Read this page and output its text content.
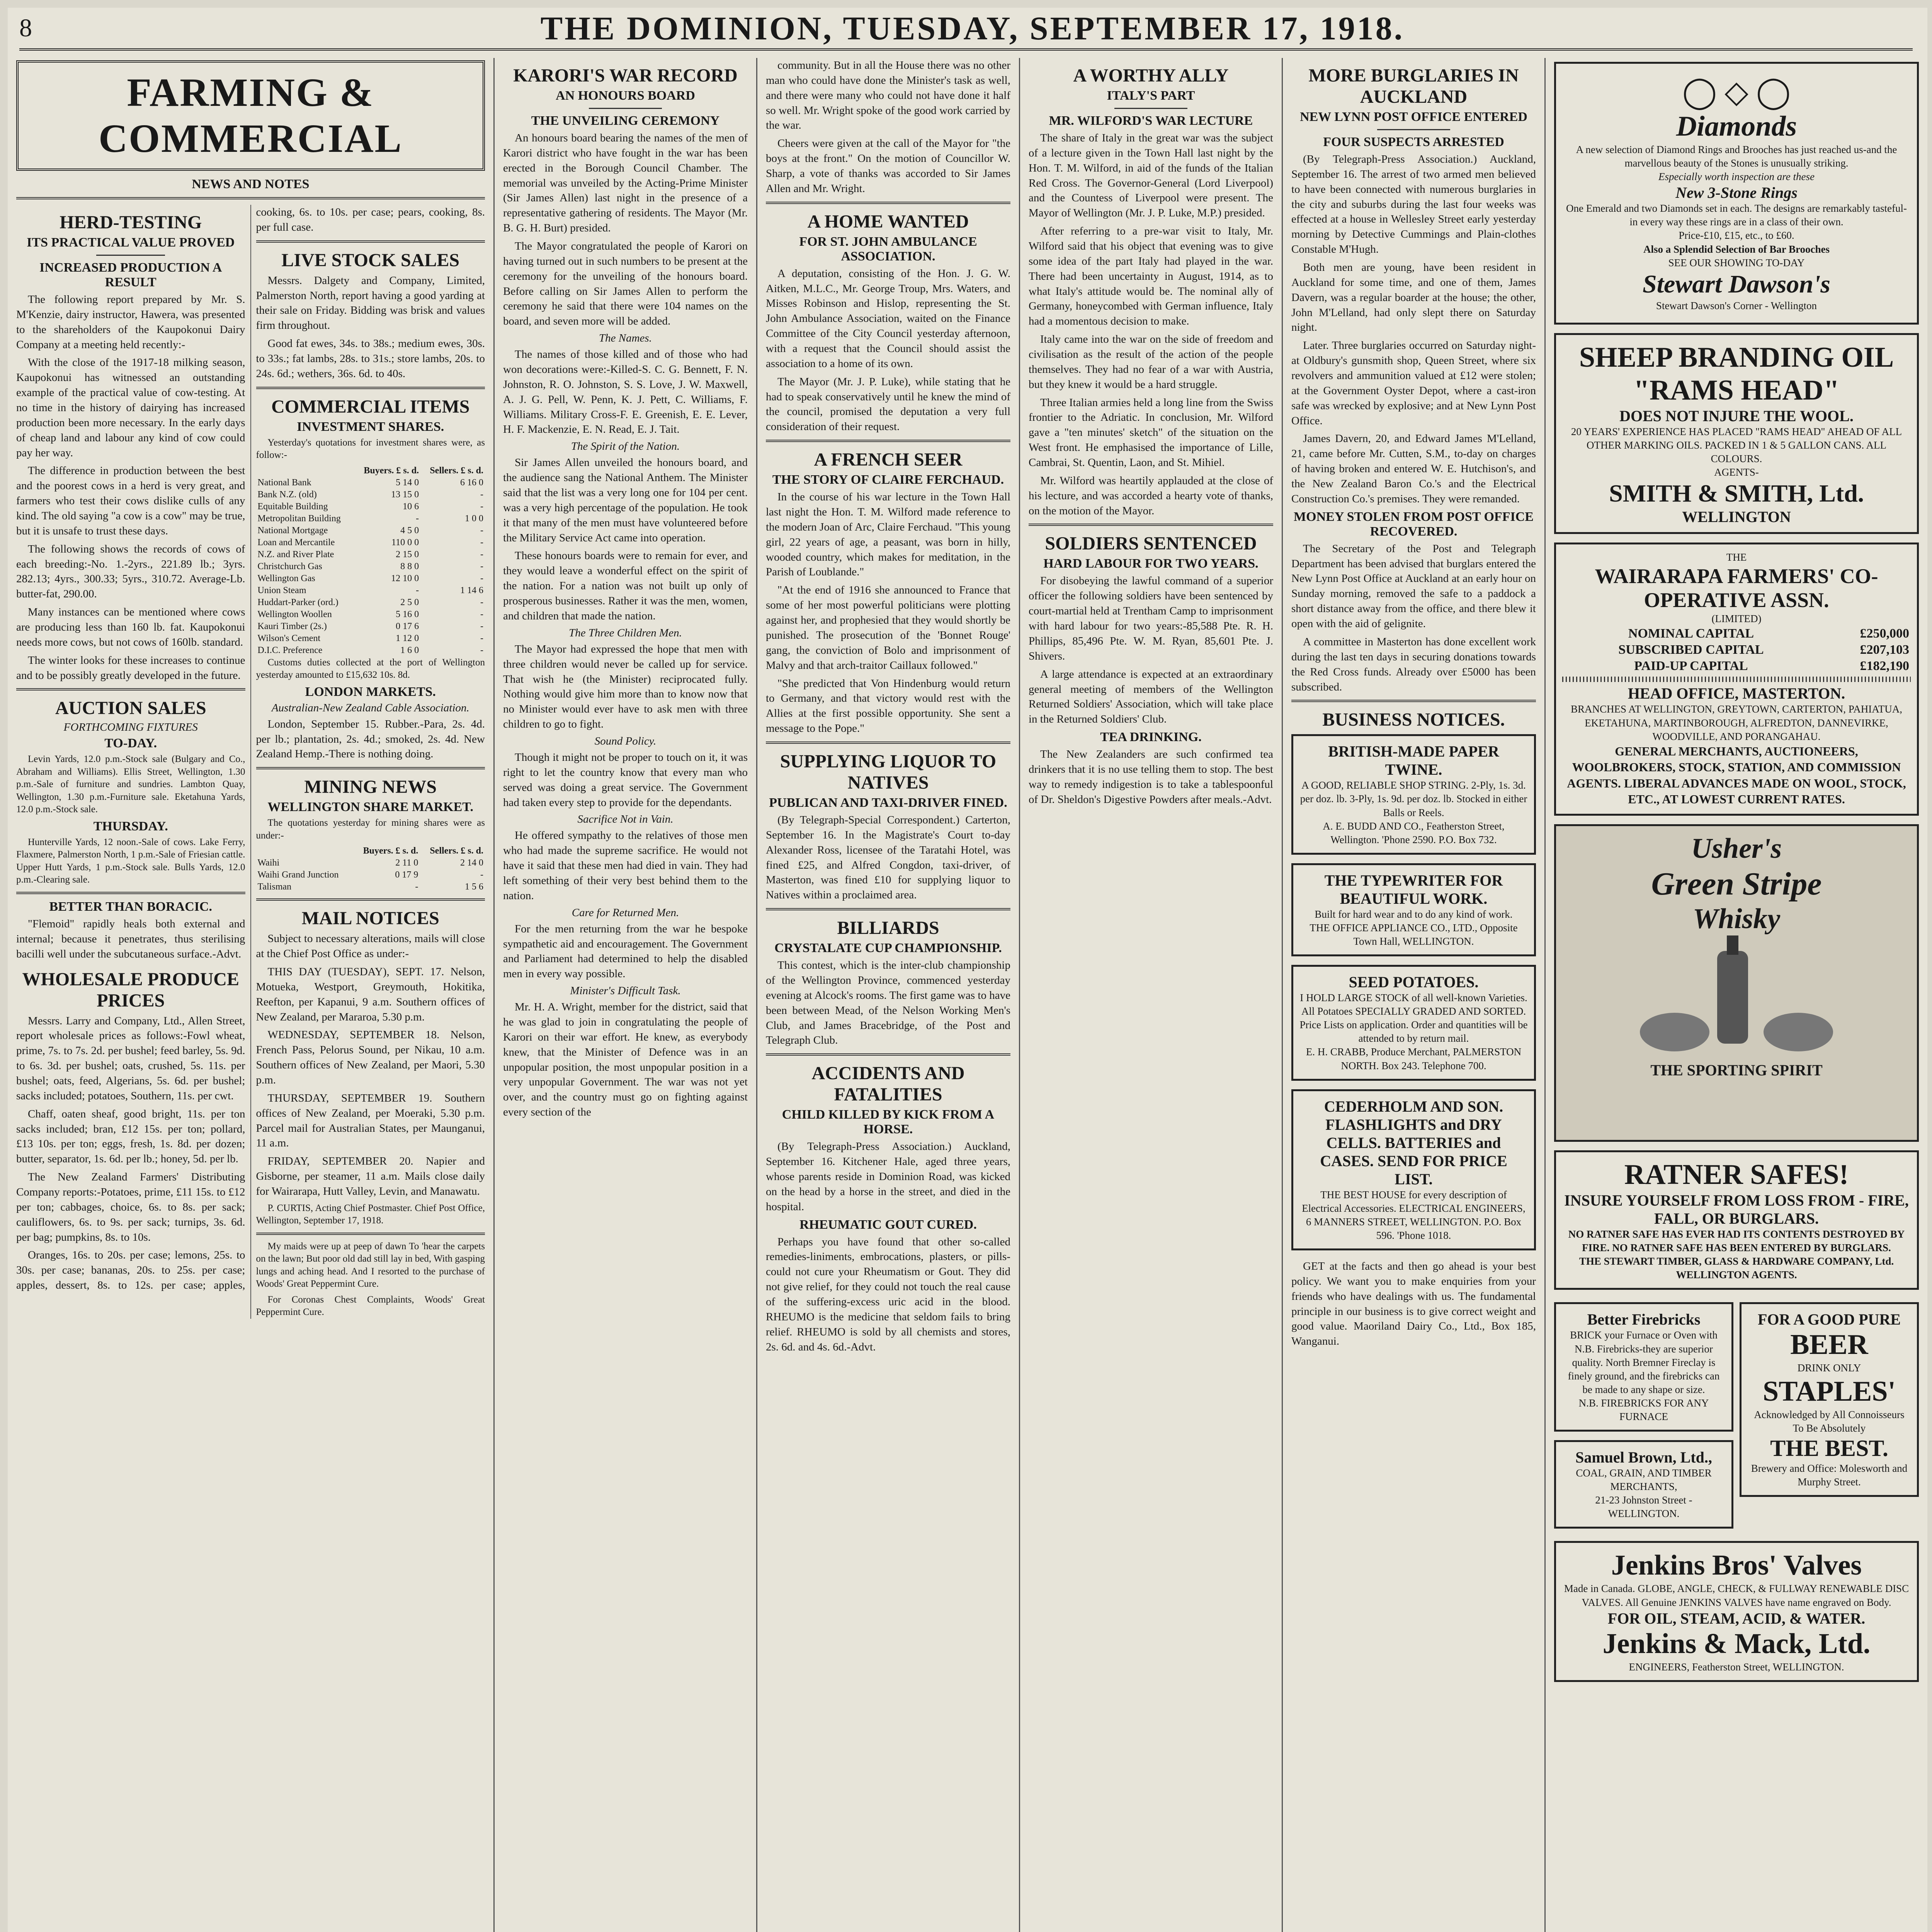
8	THE DOMINION, TUESDAY, SEPTEMBER 17, 1918.
FARMING & COMMERCIAL
NEWS AND NOTES
HERD-TESTING
ITS PRACTICAL VALUE PROVED
INCREASED PRODUCTION A RESULT

The following report prepared by Mr. S. M'Kenzie, dairy instructor, Hawera, was presented to the shareholders of the Kaupokonui Dairy Company at a meeting held recently:-

With the close of the 1917-18 milking season, Kaupokonui has witnessed an outstanding example of the practical value of cow-testing. At no time in the history of dairying has increased production been more necessary. In the early days of cheap land and labour any kind of cow could pay her way.

The difference in production between the best and the poorest cows in a herd is very great, and farmers who test their cows dislike culls of any kind. The old saying "a cow is a cow" may be true, but it is unsafe to trust these days.

The following shows the records of cows of each breeding:-No. 1.-2yrs., 221.89 lb.; 3yrs. 282.13; 4yrs., 300.33; 5yrs., 310.72. Average-Lb. butter-fat, 290.00.

Many instances can be mentioned where cows are producing less than 160 lb. fat. Kaupokonui needs more cows, but not cows of 160lb. standard.

The winter looks for these increases to continue and to be possibly greatly developed in the future.

AUCTION SALES
FORTHCOMING FIXTURES
TO-DAY.

Levin Yards, 12.0 p.m.-Stock sale (Bulgary and Co., Abraham and Williams). Ellis Street, Wellington, 1.30 p.m.-Sale of furniture and sundries. Lambton Quay, Wellington, 1.30 p.m.-Furniture sale. Eketahuna Yards, 12.0 p.m.-Stock sale.

THURSDAY.

Hunterville Yards, 12 noon.-Sale of cows. Lake Ferry, Flaxmere, Palmerston North, 1 p.m.-Sale of Friesian cattle. Upper Hutt Yards, 1 p.m.-Stock sale. Bulls Yards, 12.0 p.m.-Clearing sale.

BETTER THAN BORACIC.

"Flemoid" rapidly heals both external and internal; because it penetrates, thus sterilising bacilli well under the subcutaneous surface.-Advt.

WHOLESALE PRODUCE PRICES

Messrs. Larry and Company, Ltd., Allen Street, report wholesale prices as follows:-Fowl wheat, prime, 7s. to 7s. 2d. per bushel; feed barley, 5s. 9d. to 6s. 3d. per bushel; oats, crushed, 5s. 11s. per bushel; oats, feed, Algerians, 5s. 6d. per bushel; sacks included; potatoes, Southern, 11s. per cwt.

Chaff, oaten sheaf, good bright, 11s. per ton sacks included; bran, £12 15s. per ton; pollard, £13 10s. per ton; eggs, fresh, 1s. 8d. per dozen; butter, separator, 1s. 6d. per lb.; honey, 5d. per lb.

The New Zealand Farmers' Distributing Company reports:-Potatoes, prime, £11 15s. to £12 per ton; cabbages, choice, 6s. to 8s. per sack; cauliflowers, 6s. to 9s. per sack; turnips, 3s. 6d. per bag; pumpkins, 8s. to 10s.

Oranges, 16s. to 20s. per case; lemons, 25s. to 30s. per case; bananas, 20s. to 25s. per case; apples, dessert, 8s. to 12s. per case; apples, cooking, 6s. to 10s. per case; pears, cooking, 8s. per full case.

LIVE STOCK SALES

Messrs. Dalgety and Company, Limited, Palmerston North, report having a good yarding at their sale on Friday. Bidding was brisk and values firm throughout.

Good fat ewes, 34s. to 38s.; medium ewes, 30s. to 33s.; fat lambs, 28s. to 31s.; store lambs, 20s. to 24s. 6d.; wethers, 36s. 6d. to 40s.

COMMERCIAL ITEMS
INVESTMENT SHARES.

Yesterday's quotations for investment shares were, as follow:-

	Buyers. £ s. d.	Sellers. £ s. d.
National Bank	5 14 0	6 16 0
Bank N.Z. (old)	13 15 0	-
Equitable Building	10 6	-
Metropolitan Building	-	1 0 0
National Mortgage	4 5 0	-
Loan and Mercantile	110 0 0	-
N.Z. and River Plate	2 15 0	-
Christchurch Gas	8 8 0	-
Wellington Gas	12 10 0	-
Union Steam	-	1 14 6
Huddart-Parker (ord.)	2 5 0	-
Wellington Woollen	5 16 0	-
Kauri Timber (2s.)	0 17 6	-
Wilson's Cement	1 12 0	-
D.I.C. Preference	1 6 0	-

Customs duties collected at the port of Wellington yesterday amounted to £15,632 10s. 8d.

LONDON MARKETS.
Australian-New Zealand Cable Association.

London, September 15. Rubber.-Para, 2s. 4d. per lb.; plantation, 2s. 4d.; smoked, 2s. 4d. New Zealand Hemp.-There is nothing doing.

MINING NEWS
WELLINGTON SHARE MARKET.

The quotations yesterday for mining shares were as under:-

	Buyers. £ s. d.	Sellers. £ s. d.
Waihi	2 11 0	2 14 0
Waihi Grand Junction	0 17 9	-
Talisman	-	1 5 6
MAIL NOTICES

Subject to necessary alterations, mails will close at the Chief Post Office as under:-

THIS DAY (TUESDAY), SEPT. 17. Nelson, Motueka, Westport, Greymouth, Hokitika, Reefton, per Kapanui, 9 a.m. Southern offices of New Zealand, per Mararoa, 5.30 p.m.

WEDNESDAY, SEPTEMBER 18. Nelson, French Pass, Pelorus Sound, per Nikau, 10 a.m. Southern offices of New Zealand, per Maori, 5.30 p.m.

THURSDAY, SEPTEMBER 19. Southern offices of New Zealand, per Moeraki, 5.30 p.m. Parcel mail for Australian States, per Maunganui, 11 a.m.

FRIDAY, SEPTEMBER 20. Napier and Gisborne, per steamer, 11 a.m. Mails close daily for Wairarapa, Hutt Valley, Levin, and Manawatu.

P. CURTIS, Acting Chief Postmaster. Chief Post Office, Wellington, September 17, 1918.

My maids were up at peep of dawn To 'hear the carpets on the lawn; But poor old dad still lay in bed, With gasping lungs and aching head. And I resorted to the purchase of Woods' Great Peppermint Cure.

For Coronas Chest Complaints, Woods' Great Peppermint Cure.

KARORI'S WAR RECORD
AN HONOURS BOARD
THE UNVEILING CEREMONY

An honours board bearing the names of the men of Karori district who have fought in the war has been erected in the Borough Council Chamber. The memorial was unveiled by the Acting-Prime Minister (Sir James Allen) last night in the presence of a representative gathering of residents. The Mayor (Mr. B. G. H. Burt) presided.

The Mayor congratulated the people of Karori on having turned out in such numbers to be present at the ceremony for the unveiling of the honours board. Before calling on Sir James Allen to perform the ceremony he said that there were 104 names on the board, and seven more will be added.

The Names.

The names of those killed and of those who had won decorations were:-Killed-S. C. G. Bennett, F. N. Johnston, R. O. Johnston, S. S. Love, J. W. Maxwell, A. J. G. Pell, W. Penn, K. J. Pett, C. Williams, F. Williams. Military Cross-F. E. Greenish, E. E. Lever, H. F. Mackenzie, E. N. Read, E. J. Tait.

The Spirit of the Nation.

Sir James Allen unveiled the honours board, and the audience sang the National Anthem. The Minister said that the list was a very long one for 104 per cent. was a very high percentage of the population. He took it that many of the men must have volunteered before the Military Service Act came into operation.

These honours boards were to remain for ever, and they would leave a wonderful effect on the spirit of the nation. For a nation was not built up only of prosperous businesses. Rather it was the men, women, and children that made the nation.

The Three Children Men.

The Mayor had expressed the hope that men with three children would never be called up for service. That wish he (the Minister) reciprocated fully. Nothing would give him more than to know now that no Minister would ever have to ask men with three children to go to fight.

Sound Policy.

Though it might not be proper to touch on it, it was right to let the country know that every man who served was doing a great service. The Government had taken every step to provide for the dependants.

Sacrifice Not in Vain.

He offered sympathy to the relatives of those men who had made the supreme sacrifice. He would not have it said that these men had died in vain. They had left something of their very best behind them to the nation.

Care for Returned Men.

For the men returning from the war he bespoke sympathetic aid and encouragement. The Government and Parliament had determined to help the disabled men in every way possible.

Minister's Difficult Task.

Mr. H. A. Wright, member for the district, said that he was glad to join in congratulating the people of Karori on their war effort. He knew, as everybody knew, that the Minister of Defence was in an unpopular position, the most unpopular position in a very unpopular Government. The war was not yet over, and the country must go on fighting against every section of the

community. But in all the House there was no other man who could have done the Minister's task as well, and there were many who could not have done it half so well. Mr. Wright spoke of the good work carried by the war.

Cheers were given at the call of the Mayor for "the boys at the front." On the motion of Councillor W. Sharp, a vote of thanks was accorded to Sir James Allen and Mr. Wright.

A HOME WANTED
FOR ST. JOHN AMBULANCE ASSOCIATION.

A deputation, consisting of the Hon. J. G. W. Aitken, M.L.C., Mr. George Troup, Mrs. Waters, and Misses Robinson and Hislop, representing the St. John Ambulance Association, waited on the Finance Committee of the City Council yesterday afternoon, with a request that the Council should assist the association to a home of its own.

The Mayor (Mr. J. P. Luke), while stating that he had to speak conservatively until he knew the mind of the council, promised the deputation a very full consideration of their request.

A FRENCH SEER
THE STORY OF CLAIRE FERCHAUD.

In the course of his war lecture in the Town Hall last night the Hon. T. M. Wilford made reference to the modern Joan of Arc, Claire Ferchaud. "This young girl, 22 years of age, a peasant, was born in hilly, wooded country, which makes for meditation, in the Parish of Loublande."

"At the end of 1916 she announced to France that some of her most powerful politicians were plotting against her, and prophesied that they would shortly be punished. The prosecution of the 'Bonnet Rouge' gang, the conviction of Bolo and imprisonment of Malvy and that arch-traitor Caillaux followed."

"She predicted that Von Hindenburg would return to Germany, and that victory would rest with the Allies at the first possible opportunity. She sent a message to the Pope."

SUPPLYING LIQUOR TO NATIVES
PUBLICAN AND TAXI-DRIVER FINED.

(By Telegraph-Special Correspondent.) Carterton, September 16. In the Magistrate's Court to-day Alexander Ross, licensee of the Taratahi Hotel, was fined £25, and Alfred Congdon, taxi-driver, of Masterton, was fined £10 for supplying liquor to Natives within a proclaimed area.

BILLIARDS
CRYSTALATE CUP CHAMPIONSHIP.

This contest, which is the inter-club championship of the Wellington Province, commenced yesterday evening at Alcock's rooms. The first game was to have been between Mead, of the Nelson Working Men's Club, and James Bracebridge, of the Post and Telegraph Club.

ACCIDENTS AND FATALITIES
CHILD KILLED BY KICK FROM A HORSE.

(By Telegraph-Press Association.) Auckland, September 16. Kitchener Hale, aged three years, whose parents reside in Dominion Road, was kicked on the head by a horse in the street, and died in the hospital.

RHEUMATIC GOUT CURED.

Perhaps you have found that other so-called remedies-liniments, embrocations, plasters, or pills-could not cure your Rheumatism or Gout. They did not give relief, for they could not touch the real cause of the suffering-excess uric acid in the blood. RHEUMO is the medicine that seldom fails to bring relief. RHEUMO is sold by all chemists and stores, 2s. 6d. and 4s. 6d.-Advt.

A WORTHY ALLY
ITALY'S PART
MR. WILFORD'S WAR LECTURE

The share of Italy in the great war was the subject of a lecture given in the Town Hall last night by the Hon. T. M. Wilford, in aid of the funds of the Italian Red Cross. The Governor-General (Lord Liverpool) and the Countess of Liverpool were present. The Mayor of Wellington (Mr. J. P. Luke, M.P.) presided.

After referring to a pre-war visit to Italy, Mr. Wilford said that his object that evening was to give some idea of the part Italy had played in the war. There had been uncertainty in August, 1914, as to what Italy's attitude would be. The nominal ally of Germany, honeycombed with German influence, Italy had a momentous decision to make.

Italy came into the war on the side of freedom and civilisation as the result of the action of the people themselves. They had no fear of a war with Austria, but they knew it would be a hard struggle.

Three Italian armies held a long line from the Swiss frontier to the Adriatic. In conclusion, Mr. Wilford gave a "ten minutes' sketch" of the situation on the West front. He emphasised the importance of Lille, Cambrai, St. Quentin, Laon, and St. Mihiel.

Mr. Wilford was heartily applauded at the close of his lecture, and was accorded a hearty vote of thanks, on the motion of the Mayor.

SOLDIERS SENTENCED
HARD LABOUR FOR TWO YEARS.

For disobeying the lawful command of a superior officer the following soldiers have been sentenced by court-martial held at Trentham Camp to imprisonment with hard labour for two years:-85,588 Pte. R. H. Phillips, 85,496 Pte. W. M. Ryan, 85,601 Pte. J. Shivers.

A large attendance is expected at an extraordinary general meeting of members of the Wellington Returned Soldiers' Association, which will take place in the Returned Soldiers' Club.

TEA DRINKING.

The New Zealanders are such confirmed tea drinkers that it is no use telling them to stop. The best way to remedy indigestion is to take a tablespoonful of Dr. Sheldon's Digestive Powders after meals.-Advt.

MORE BURGLARIES IN AUCKLAND
NEW LYNN POST OFFICE ENTERED
FOUR SUSPECTS ARRESTED

(By Telegraph-Press Association.) Auckland, September 16. The arrest of two armed men believed to have been connected with numerous burglaries in the city and suburbs during the last four weeks was effected at a house in Wellesley Street early yesterday morning by Detective Cummings and Plain-clothes Constable M'Hugh.

Both men are young, have been resident in Auckland for some time, and one of them, James Davern, was a regular boarder at the house; the other, John M'Lelland, had only slept there on Saturday night.

Later. Three burglaries occurred on Saturday night-at Oldbury's gunsmith shop, Queen Street, where six revolvers and ammunition valued at £12 were stolen; at the Government Oyster Depot, where a cast-iron safe was wrecked by explosive; and at New Lynn Post Office.

James Davern, 20, and Edward James M'Lelland, 21, came before Mr. Cutten, S.M., to-day on charges of having broken and entered W. E. Hutchison's, and the New Zealand Baron Co.'s and the Electrical Construction Co.'s premises. They were remanded.

MONEY STOLEN FROM POST OFFICE RECOVERED.

The Secretary of the Post and Telegraph Department has been advised that burglars entered the New Lynn Post Office at Auckland at an early hour on Sunday morning, removed the safe to a paddock a short distance away from the office, and there blew it open with the aid of gelignite.

A committee in Masterton has done excellent work during the last ten days in securing donations towards the Red Cross funds. Already over £5000 has been subscribed.

BUSINESS NOTICES.
BRITISH-MADE PAPER TWINE.
A GOOD, RELIABLE SHOP STRING. 2-Ply, 1s. 3d. per doz. lb. 3-Ply, 1s. 9d. per doz. lb. Stocked in either Balls or Reels.
A. E. BUDD AND CO., Featherston Street, Wellington. 'Phone 2590. P.O. Box 732.
THE TYPEWRITER FOR BEAUTIFUL WORK.
Built for hard wear and to do any kind of work.
THE OFFICE APPLIANCE CO., LTD., Opposite Town Hall, WELLINGTON.
SEED POTATOES.
I HOLD LARGE STOCK of all well-known Varieties. All Potatoes SPECIALLY GRADED AND SORTED. Price Lists on application. Order and quantities will be attended to by return mail.
E. H. CRABB, Produce Merchant, PALMERSTON NORTH. Box 243. Telephone 700.
CEDERHOLM AND SON. FLASHLIGHTS and DRY CELLS. BATTERIES and CASES. SEND FOR PRICE LIST.
THE BEST HOUSE for every description of Electrical Accessories. ELECTRICAL ENGINEERS, 6 MANNERS STREET, WELLINGTON. P.O. Box 596. 'Phone 1018.

GET at the facts and then go ahead is your best policy. We want you to make enquiries from your friends who have dealings with us. The fundamental principle in our business is to give correct weight and good value. Maoriland Dairy Co., Ltd., Box 185, Wanganui.

◯ ◇ ◯
Diamonds
A new selection of Diamond Rings and Brooches has just reached us-and the marvellous beauty of the Stones is unusually striking.
Especially worth inspection are these
New 3-Stone Rings
One Emerald and two Diamonds set in each. The designs are remarkably tasteful-in every way these rings are in a class of their own.
Price-£10, £15, etc., to £60.
Also a Splendid Selection of Bar Brooches
SEE OUR SHOWING TO-DAY
Stewart Dawson's
Stewart Dawson's Corner - Wellington
SHEEP BRANDING OIL
"RAMS HEAD"
DOES NOT INJURE THE WOOL.
20 YEARS' EXPERIENCE HAS PLACED "RAMS HEAD" AHEAD OF ALL OTHER MARKING OILS. PACKED IN 1 & 5 GALLON CANS. ALL COLOURS.
AGENTS-
SMITH & SMITH, Ltd.
WELLINGTON
THE
WAIRARAPA FARMERS' CO-OPERATIVE ASSN.
(LIMITED)
NOMINAL CAPITAL	£250,000
SUBSCRIBED CAPITAL	£207,103
PAID-UP CAPITAL	£182,190
HEAD OFFICE, MASTERTON.
BRANCHES AT WELLINGTON, GREYTOWN, CARTERTON, PAHIATUA, EKETAHUNA, MARTINBOROUGH, ALFREDTON, DANNEVIRKE, WOODVILLE, AND PORANGAHAU.
GENERAL MERCHANTS, AUCTIONEERS, WOOLBROKERS, STOCK, STATION, AND COMMISSION AGENTS. LIBERAL ADVANCES MADE ON WOOL, STOCK, ETC., AT LOWEST CURRENT RATES.
Usher's
Green Stripe
Whisky
THE SPORTING SPIRIT
RATNER SAFES!
INSURE YOURSELF FROM LOSS FROM - FIRE, FALL, OR BURGLARS.
NO RATNER SAFE HAS EVER HAD ITS CONTENTS DESTROYED BY FIRE. NO RATNER SAFE HAS BEEN ENTERED BY BURGLARS.
THE STEWART TIMBER, GLASS & HARDWARE COMPANY, Ltd. WELLINGTON AGENTS.
Better Firebricks
BRICK your Furnace or Oven with N.B. Firebricks-they are superior quality. North Bremner Fireclay is finely ground, and the firebricks can be made to any shape or size.
N.B. FIREBRICKS FOR ANY FURNACE
Samuel Brown, Ltd.,
COAL, GRAIN, AND TIMBER MERCHANTS,
21-23 Johnston Street - WELLINGTON.
FOR A GOOD PURE
BEER
DRINK ONLY
STAPLES'
Acknowledged by All Connoisseurs To Be Absolutely
THE BEST.
Brewery and Office: Molesworth and Murphy Street.
Jenkins Bros' Valves
Made in Canada. GLOBE, ANGLE, CHECK, & FULLWAY RENEWABLE DISC VALVES. All Genuine JENKINS VALVES have name engraved on Body.
FOR OIL, STEAM, ACID, & WATER.
Jenkins & Mack, Ltd.
ENGINEERS, Featherston Street, WELLINGTON.
